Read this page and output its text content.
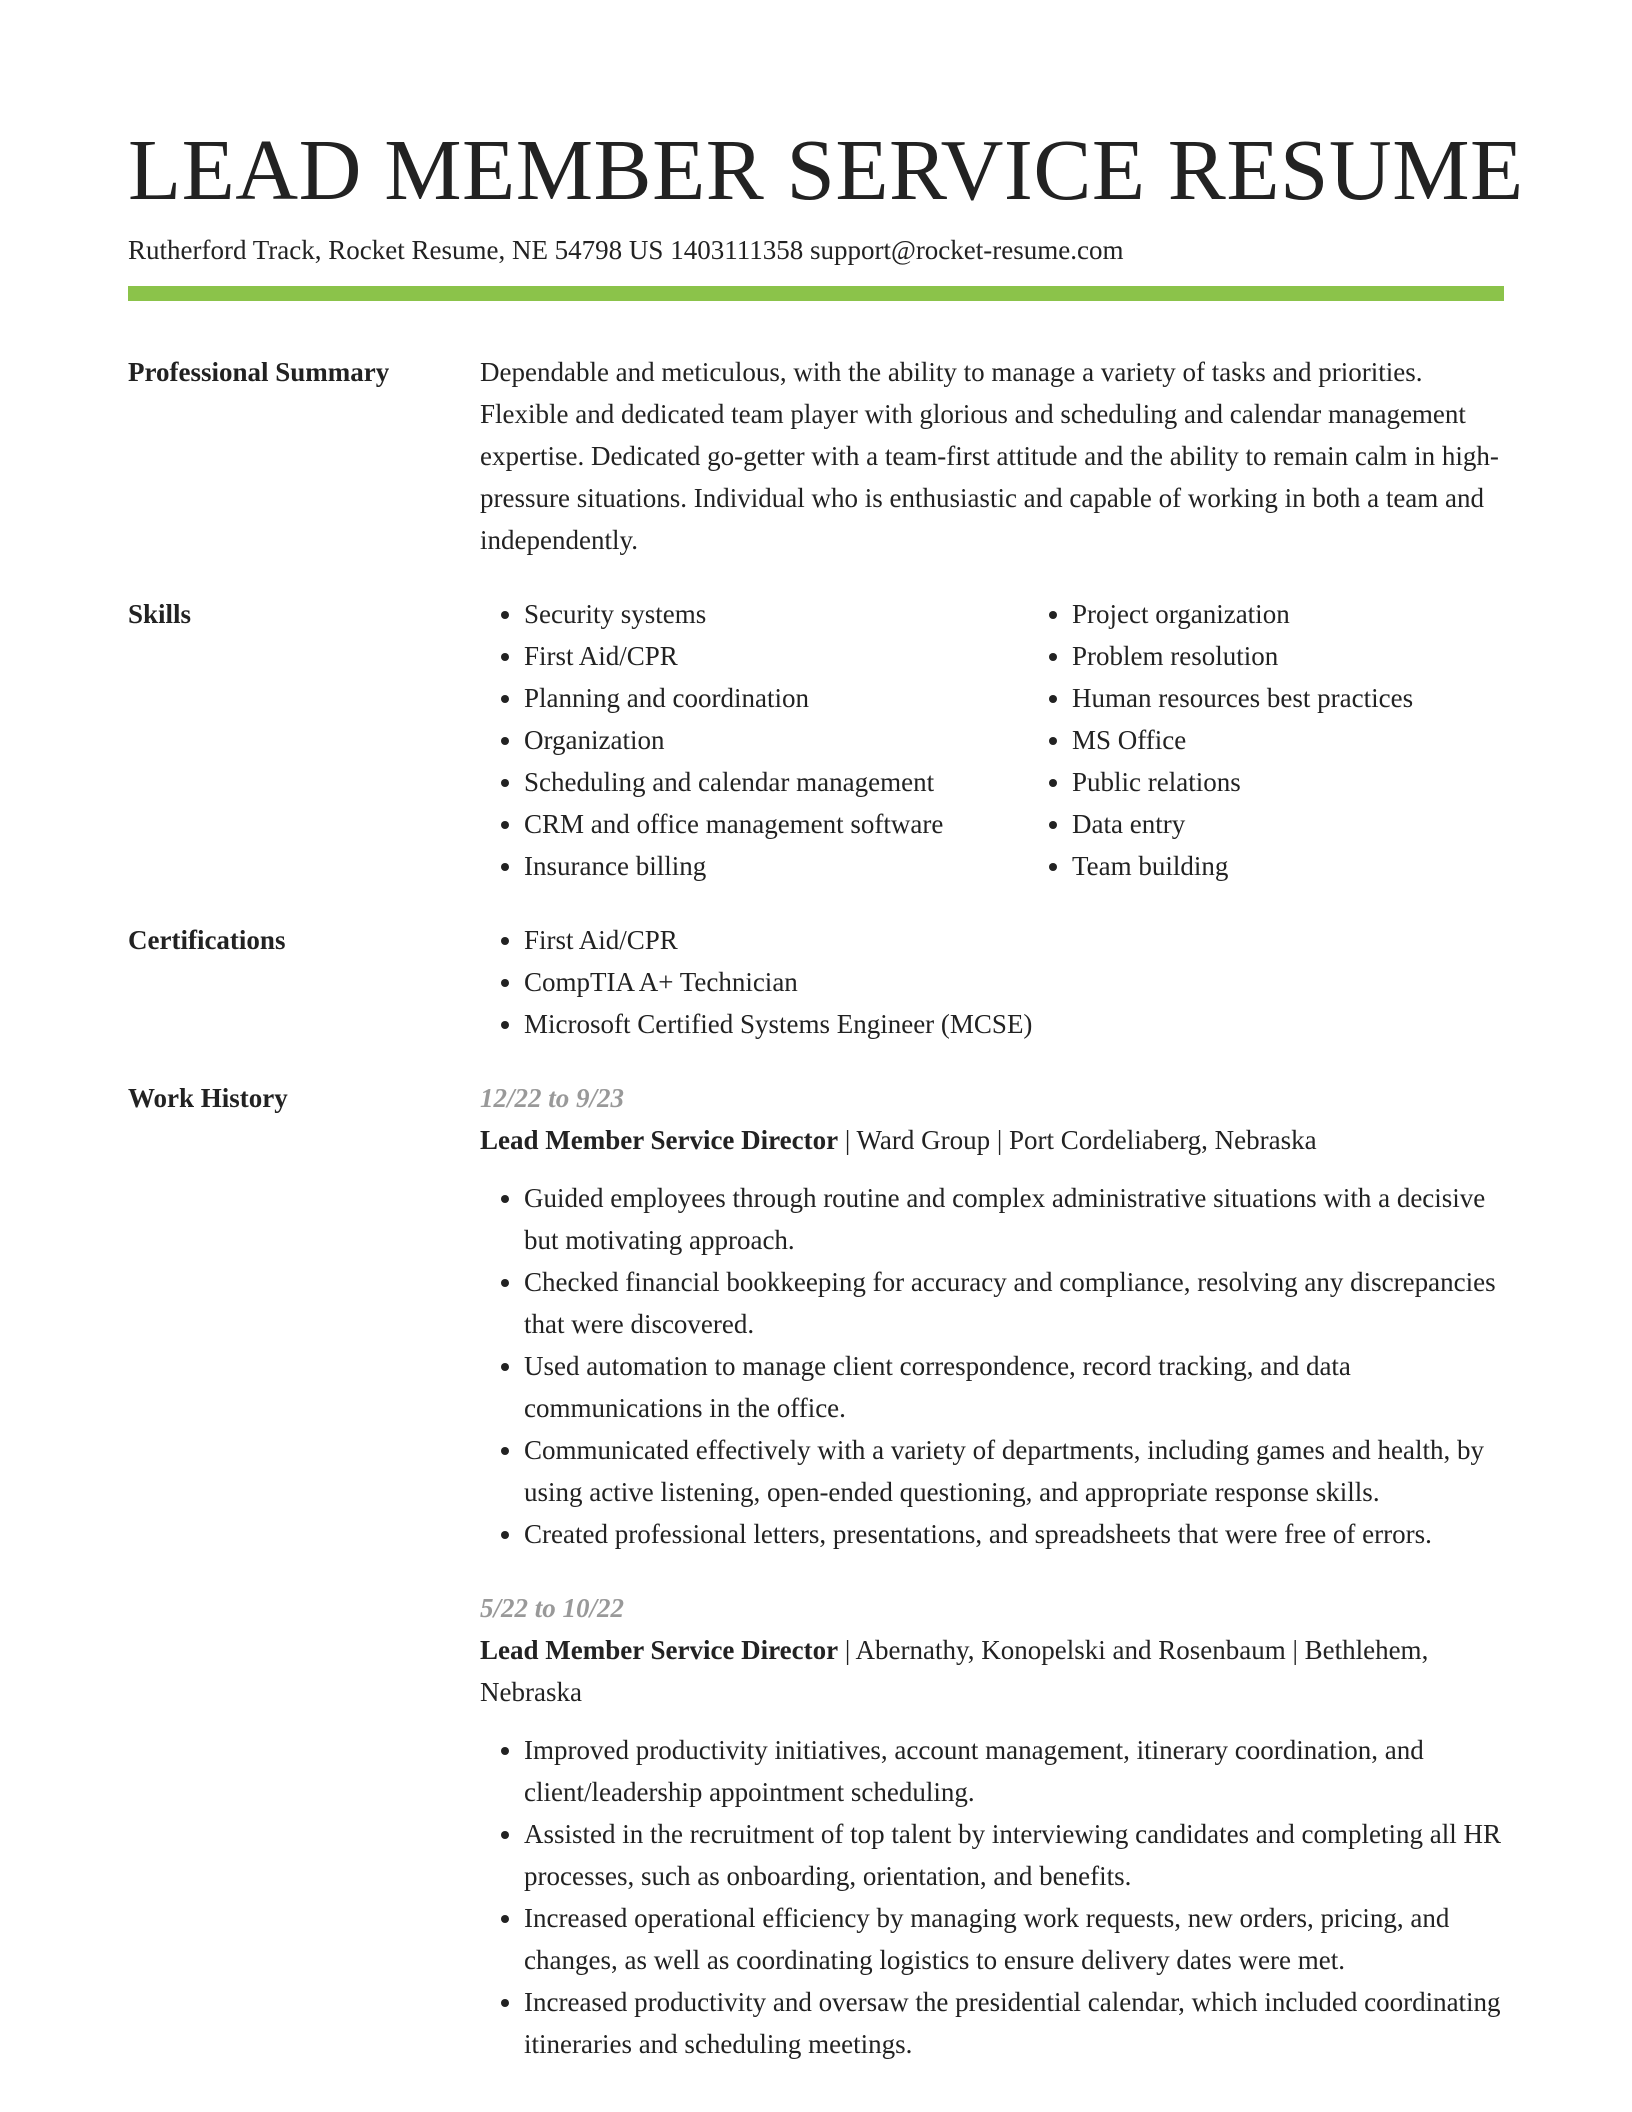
LEAD MEMBER SERVICE RESUME
Rutherford Track, Rocket Resume, NE 54798 US 1403111358 support@rocket-resume.com
Professional Summary	Dependable and meticulous, with the ability to manage a variety of tasks and priorities. Flexible and dedicated team player with glorious and scheduling and calendar management expertise. Dedicated go-getter with a team-first attitude and the ability to remain calm in high-pressure situations. Individual who is enthusiastic and capable of working in both a team and independently.

Skills	• Security systems
• First Aid/CPR
• Planning and coordination
• Organization
• Scheduling and calendar management
• CRM and office management software
• Insurance billing
• Project organization
• Problem resolution
• Human resources best practices
• MS Office
• Public relations
• Data entry
• Team building
Certifications	• First Aid/CPR
• CompTIA A+ Technician
• Microsoft Certified Systems Engineer (MCSE)
Work History	12/22 to 9/23
Lead Member Service Director | Ward Group | Port Cordeliaberg, Nebraska
• Guided employees through routine and complex administrative situations with a decisive but motivating approach.
• Checked financial bookkeeping for accuracy and compliance, resolving any discrepancies that were discovered.
• Used automation to manage client correspondence, record tracking, and data communications in the office.
• Communicated effectively with a variety of departments, including games and health, by using active listening, open-ended questioning, and appropriate response skills.
• Created professional letters, presentations, and spreadsheets that were free of errors.
5/22 to 10/22
Lead Member Service Director | Abernathy, Konopelski and Rosenbaum | Bethlehem, Nebraska
• Improved productivity initiatives, account management, itinerary coordination, and client/leadership appointment scheduling.
• Assisted in the recruitment of top talent by interviewing candidates and completing all HR processes, such as onboarding, orientation, and benefits.
• Increased operational efficiency by managing work requests, new orders, pricing, and changes, as well as coordinating logistics to ensure delivery dates were met.
• Increased productivity and oversaw the presidential calendar, which included coordinating itineraries and scheduling meetings.
